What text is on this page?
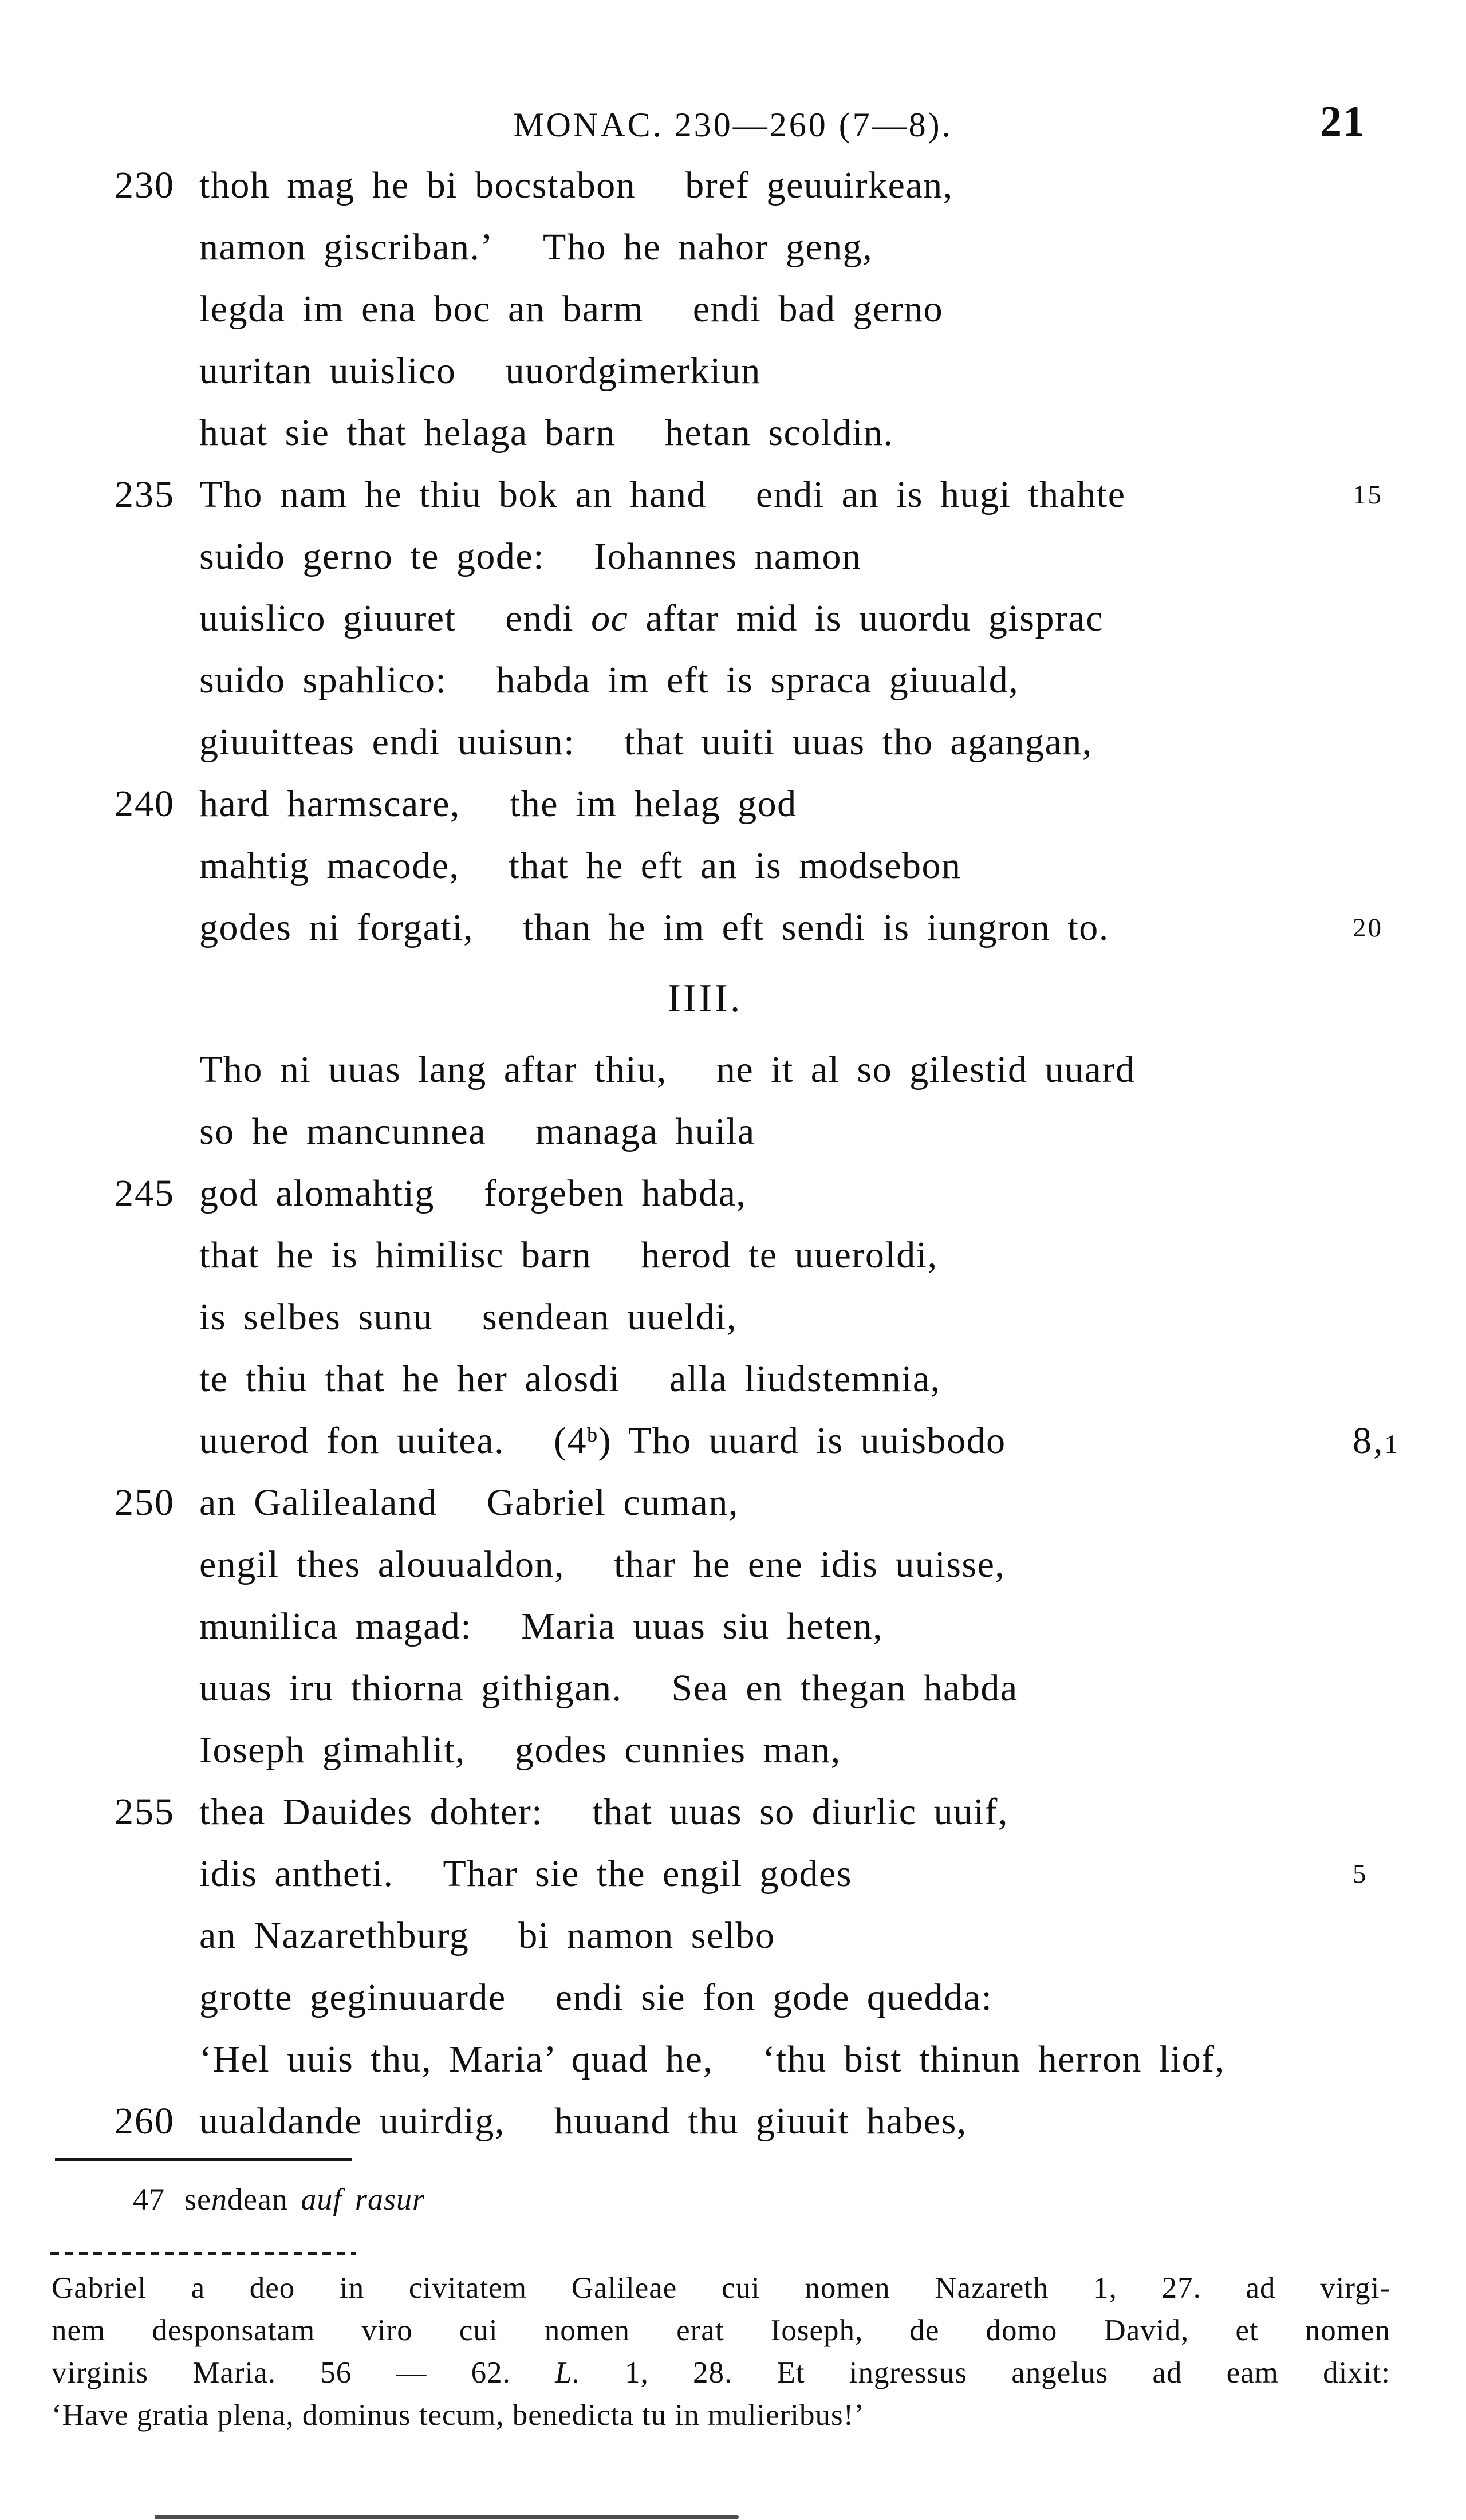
MONAC. 230—260 (7—8).	21
230 thoh mag he bi bocstabon bref geuuirkean,
namon giscriban.’ Tho he nahor geng,
legda im ena boc an barm endi bad gerno
uuritan uuislico uuordgimerkiun
huat sie that helaga barn hetan scoldin.
235 Tho nam he thiu bok an hand endi an is hugi thahte	15
suido gerno te gode: Iohannes namon
uuislico giuuret endi oc aftar mid is uuordu gisprac
suido spahlico: habda im eft is spraca giuuald,
giuuitteas endi uuisun: that uuiti uuas tho agangan,
240 hard harmscare, the im helag god
mahtig macode, that he eft an is modsebon
godes ni forgati, than he im eft sendi is iungron to.	20
IIII.
Tho ni uuas lang aftar thiu, ne it al so gilestid uuard
so he mancunnea managa huila
245 god alomahtig forgeben habda,
that he is himilisc barn herod te uueroldi,
is selbes sunu sendean uueldi,
te thiu that he her alosdi alla liudstemnia,
uuerod fon uuitea. (4$^b$) Tho uuard is uuisbodo	8,1
250 an Galilealand Gabriel cuman,
engil thes alouualdon, thar he ene idis uuisse,
munilica magad: Maria uuas siu heten,
uuas iru thiorna githigan. Sea en thegan habda
Ioseph gimahlit, godes cunnies man,
255 thea Dauides dohter: that uuas so diurlic uuif,
idis antheti. Thar sie the engil godes	5
an Nazarethburg bi namon selbo
grotte geginuuarde endi sie fon gode quedda:
‘Hel uuis thu, Maria’ quad he, ‘thu bist thinun herron liof,
260 uualdande uuirdig, huuand thu giuuit habes,
47 sendean auf rasur
Gabriel a deo in civitatem Galileae cui nomen Nazareth 1, 27. ad virgi-
nem desponsatam viro cui nomen erat Ioseph, de domo David, et nomen
virginis Maria. 56 — 62. L. 1, 28. Et ingressus angelus ad eam dixit:
‘Have gratia plena, dominus tecum, benedicta tu in mulieribus!’
